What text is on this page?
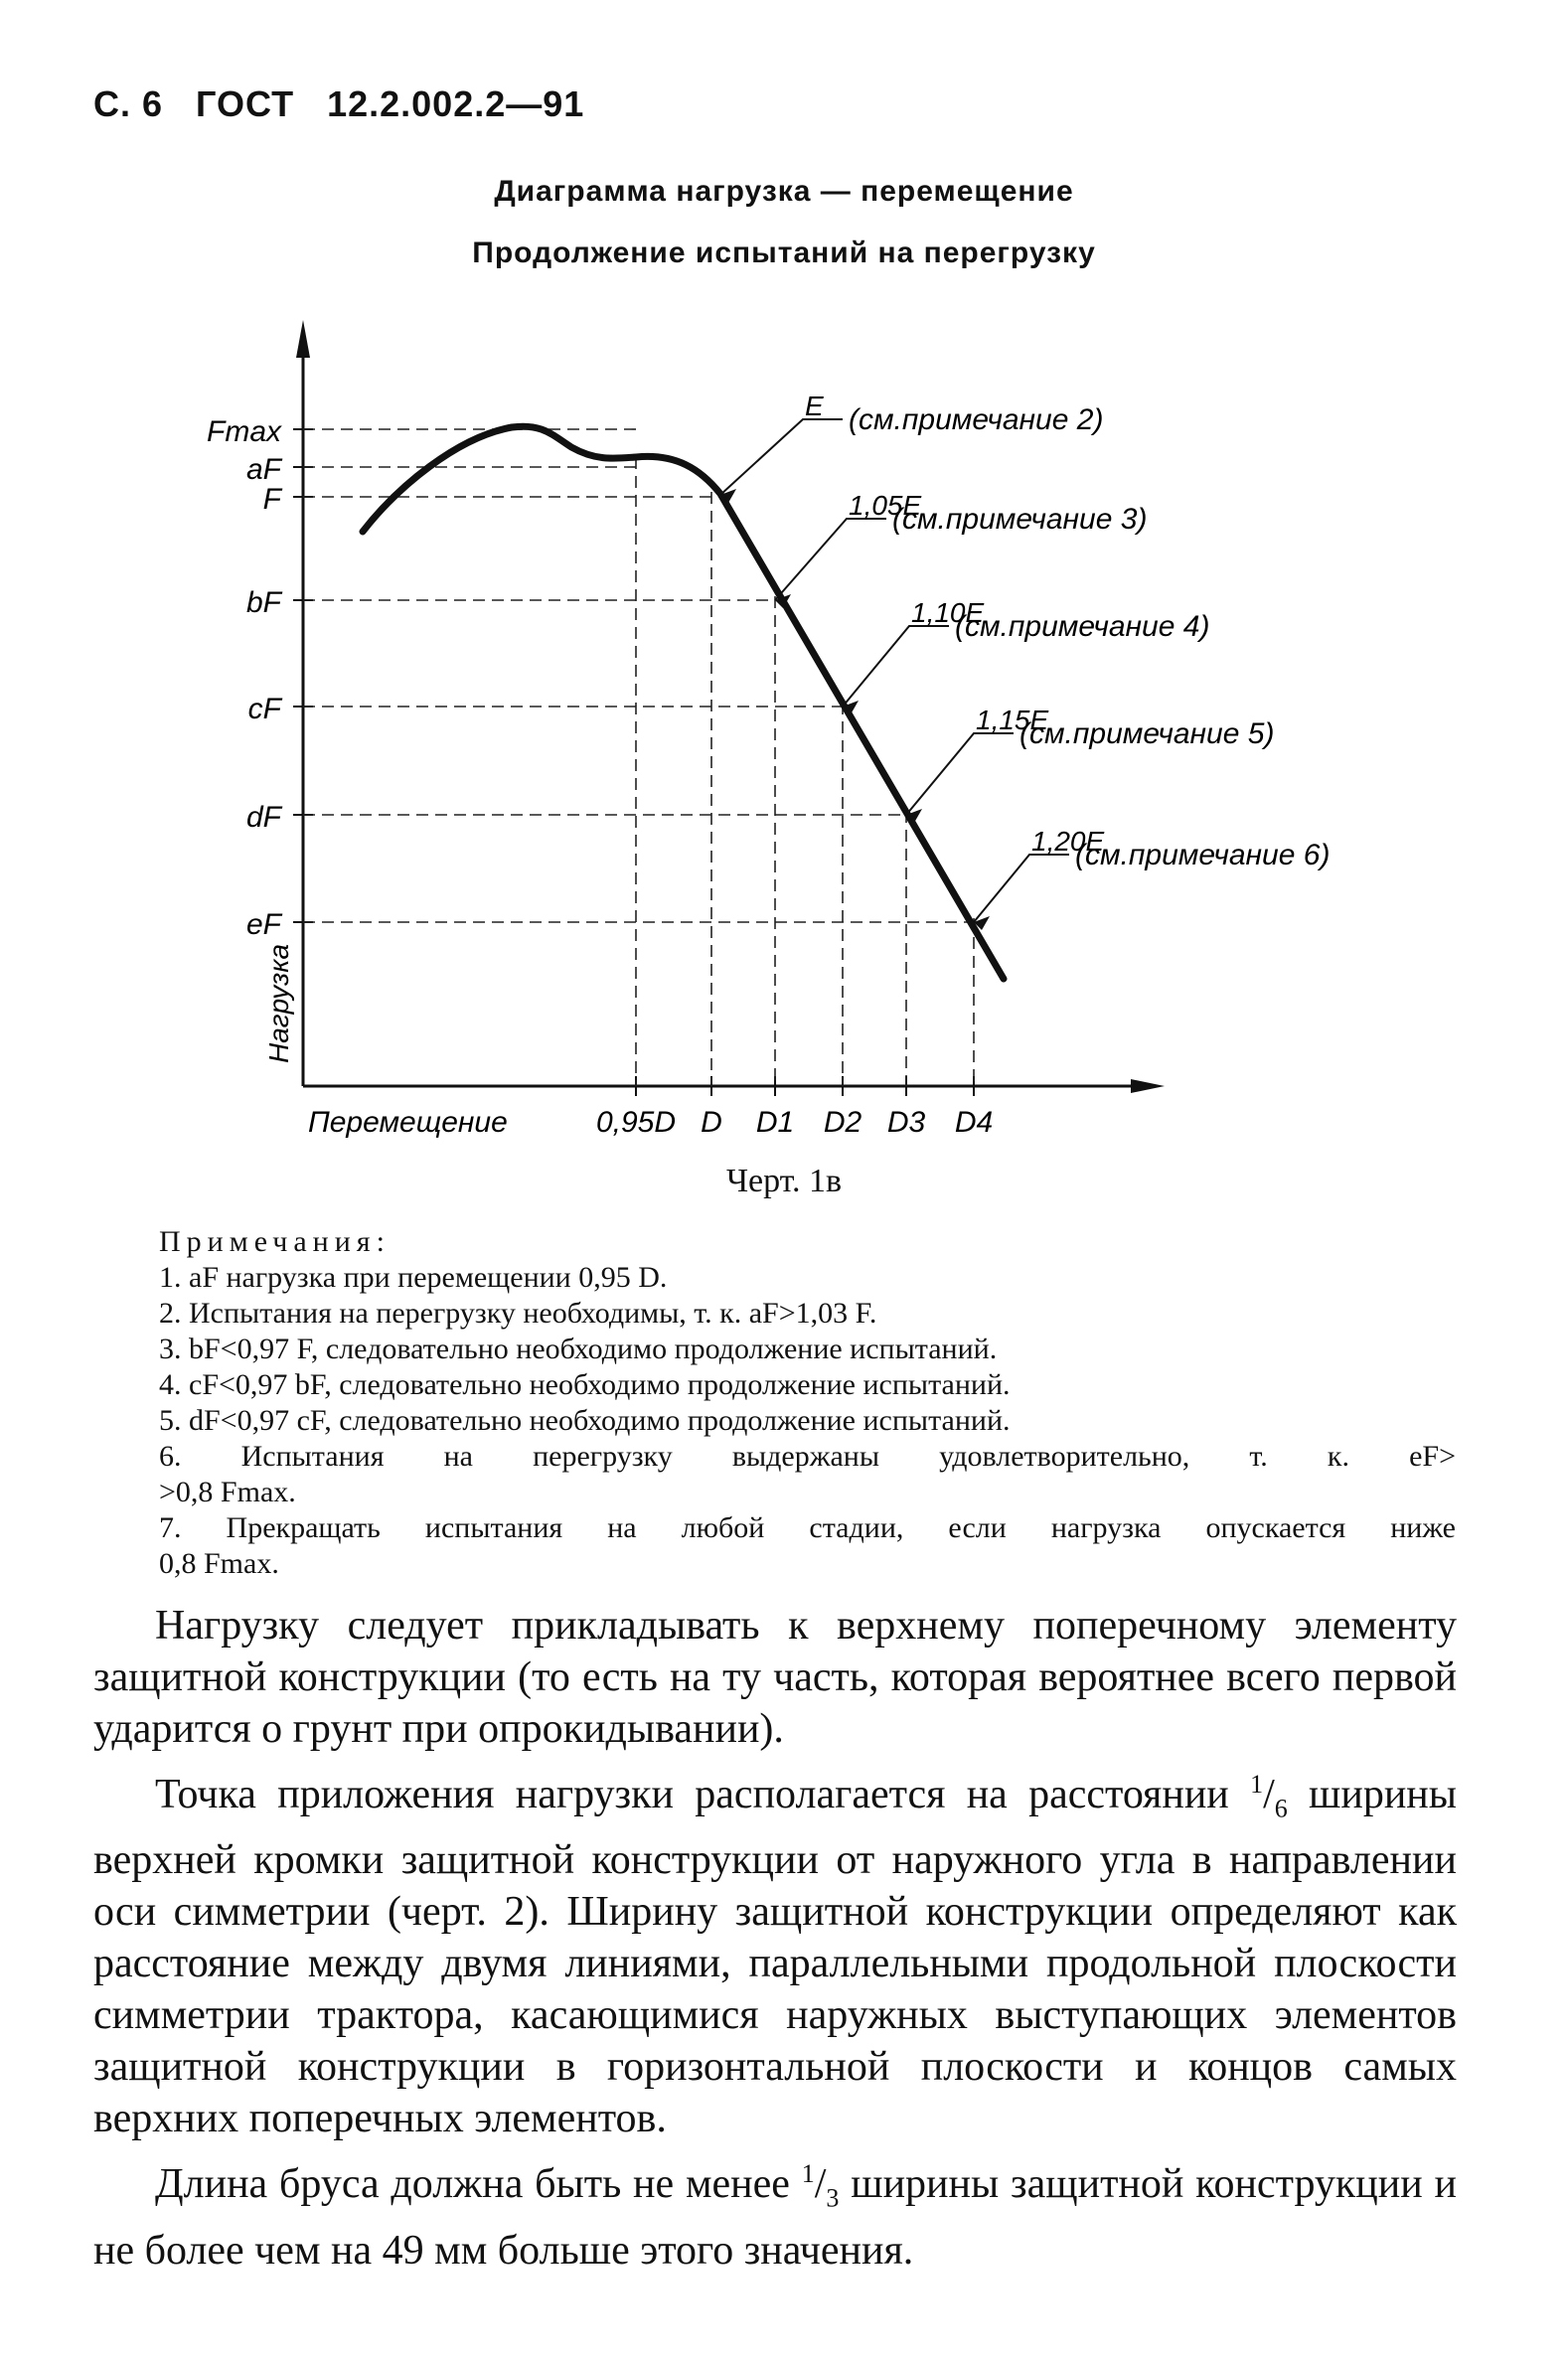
С. 6 ГОСТ 12.2.002.2—91
Диаграмма нагрузка — перемещение
Продолжение испытаний на перегрузку
Fmax
aF
F
bF
cF
dF
eF
0,95D D D1 D2 D3 D4
Перемещение
Нагрузка
E (см.примечание 2)
1,05E
(см.примечание 3)
1,10E
(см.примечание 4)
1,15E
(см.примечание 5)
1,20E
(см.примечание 6)
Черт. 1в
Примечания:
1. aF нагрузка при перемещении 0,95 D.
2. Испытания на перегрузку необходимы, т. к. aF>1,03 F.
3. bF<0,97 F, следовательно необходимо продолжение испытаний.
4. cF<0,97 bF, следовательно необходимо продолжение испытаний.
5. dF<0,97 cF, следовательно необходимо продолжение испытаний.
6. Испытания на перегрузку выдержаны удовлетворительно, т. к. eF>
>0,8 Fmax.
7. Прекращать испытания на любой стадии, если нагрузка опускается ниже
0,8 Fmax.

Нагрузку следует прикладывать к верхнему поперечному элементу защитной конструкции (то есть на ту часть, которая вероятнее всего первой ударится о грунт при опрокидывании).

Точка приложения нагрузки располагается на расстоянии $^1/_6$ ширины верхней кромки защитной конструкции от наружного угла в направлении оси симметрии (черт. 2). Ширину защитной конструкции определяют как расстояние между двумя линиями, параллельными продольной плоскости симметрии трактора, касающимися наружных выступающих элементов защитной конструкции в горизонтальной плоскости и концов самых верхних поперечных элементов.

Длина бруса должна быть не менее $^1/_3$ ширины защитной конструкции и не более чем на 49 мм больше этого значения.
